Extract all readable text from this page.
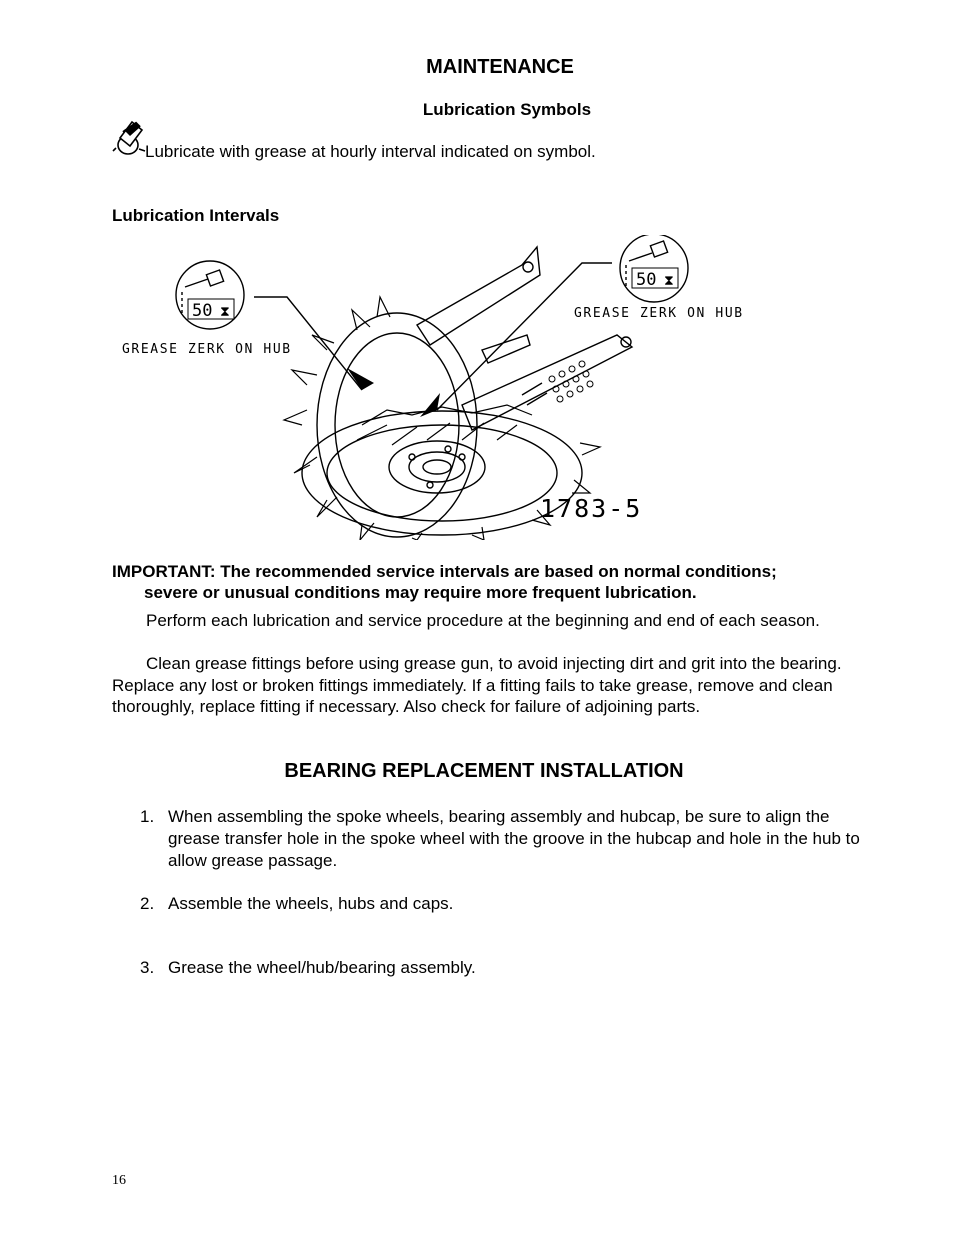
MAINTENANCE
Lubrication Symbols
Lubricate with grease at hourly interval indicated on symbol.
Lubrication Intervals
50 ⧗
GREASE ZERK ON HUB
50 ⧗
GREASE ZERK ON HUB
1783-5
IMPORTANT: The recommended service intervals are based on normal conditions;
severe or unusual conditions may require more frequent lubrication.
Perform each lubrication and service procedure at the beginning and end of each season.
Clean grease fittings before using grease gun, to avoid injecting dirt and grit into the bearing. Replace any lost or broken fittings immediately. If a fitting fails to take grease, remove and clean thoroughly, replace fitting if necessary. Also check for failure of adjoining parts.
BEARING REPLACEMENT INSTALLATION
1. When assembling the spoke wheels, bearing assembly and hubcap, be sure to align the grease transfer hole in the spoke wheel with the groove in the hubcap and hole in the hub to allow grease passage.
2. Assemble the wheels, hubs and caps.
3. Grease the wheel/hub/bearing assembly.
16
